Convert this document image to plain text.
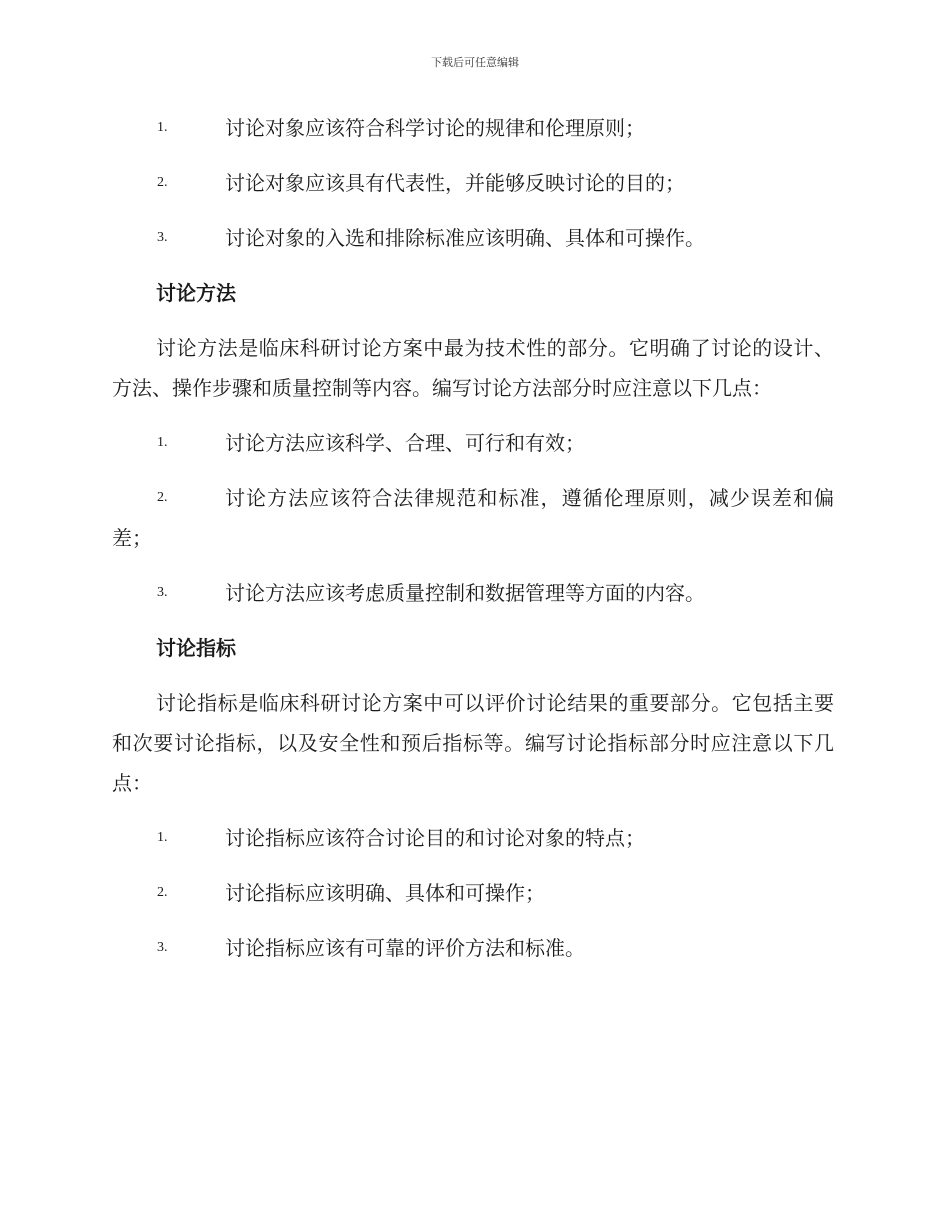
下载后可任意编辑
1.	讨论对象应该符合科学讨论的规律和伦理原则；
2.	讨论对象应该具有代表性，并能够反映讨论的目的；
3.	讨论对象的入选和排除标准应该明确、具体和可操作。
讨论方法
讨论方法是临床科研讨论方案中最为技术性的部分。它明确了讨论的设计、方法、操作步骤和质量控制等内容。编写讨论方法部分时应注意以下几点：
1.	讨论方法应该科学、合理、可行和有效；
2.	讨论方法应该符合法律规范和标准，遵循伦理原则，减少误差和偏差；
3.	讨论方法应该考虑质量控制和数据管理等方面的内容。
讨论指标
讨论指标是临床科研讨论方案中可以评价讨论结果的重要部分。它包括主要和次要讨论指标，以及安全性和预后指标等。编写讨论指标部分时应注意以下几点：
1.	讨论指标应该符合讨论目的和讨论对象的特点；
2.	讨论指标应该明确、具体和可操作；
3.	讨论指标应该有可靠的评价方法和标准。
